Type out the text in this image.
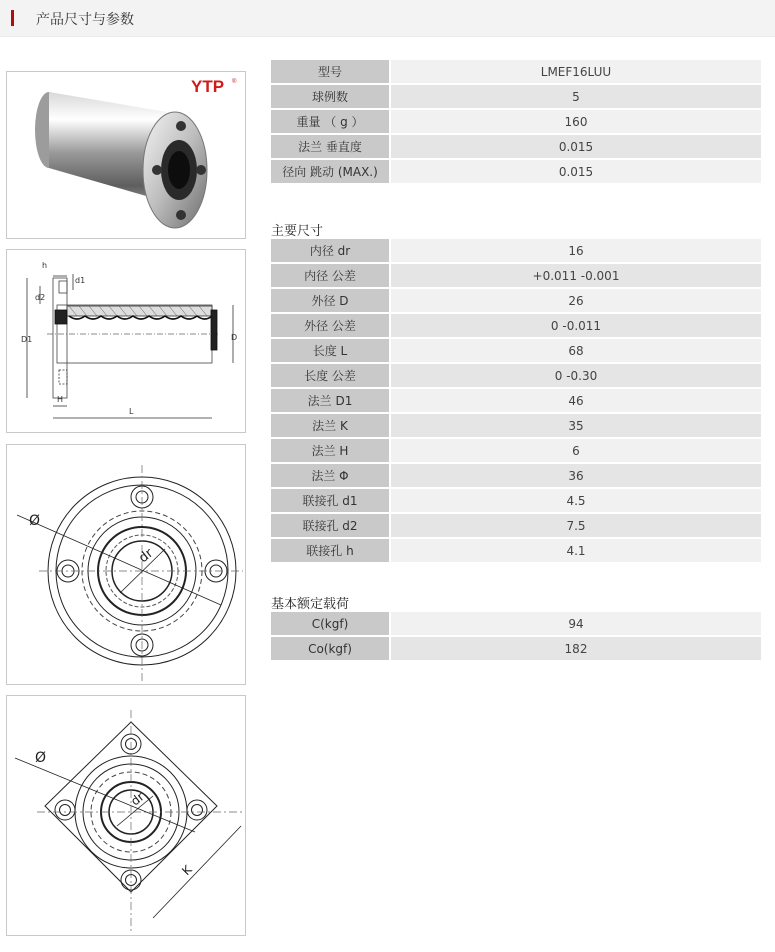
产品尺寸与参数
YTP ®
h
d1
d2
D1	D
H
L
Ø
dr
Ø
dr
K
型号	LMEF16LUU
球例数	5
重量 （ g ）	160
法兰 垂直度	0.015
径向 跳动 (MAX.)	0.015
主要尺寸
内径 dr	16
内径 公差	+0.011 -0.001
外径 D	26
外径 公差	0 -0.011
长度 L	68
长度 公差	0 -0.30
法兰 D1	46
法兰 K	35
法兰 H	6
法兰 Φ	36
联接孔 d1	4.5
联接孔 d2	7.5
联接孔 h	4.1
基本额定载荷
C(kgf)	94
Co(kgf)	182
